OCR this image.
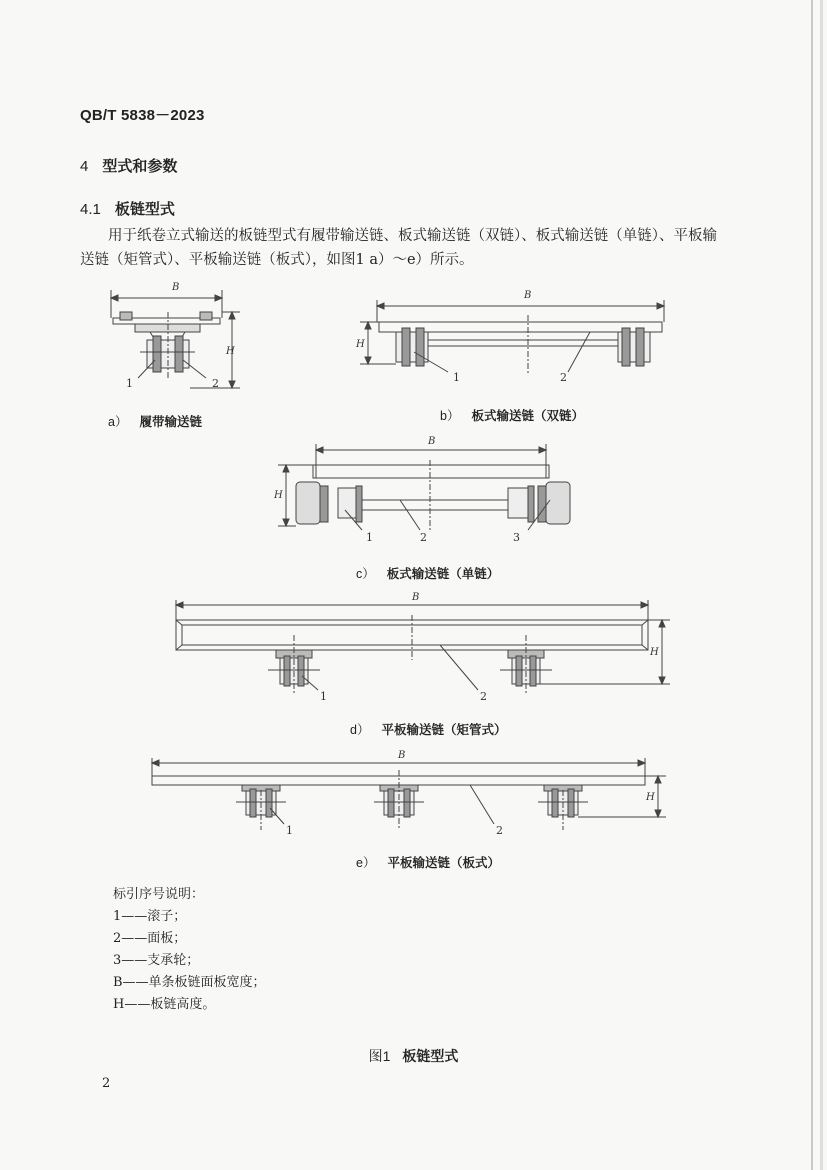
QB/T 5838－2023
4 型式和参数
4.1 板链型式
用于纸卷立式输送的板链型式有履带输送链、板式输送链（双链）、板式输送链（单链）、平板输
送链（矩管式）、平板输送链（板式），如图1 a）～e）所示。
B
H
1	2
B
H
1	2
B
H
1	2	3
B
H
1	2
B
H
1	2
a） 履带输送链	b） 板式输送链（双链）
c） 板式输送链（单链）
d） 平板输送链（矩管式）
e） 平板输送链（板式）
标引序号说明：
1——滚子；
2——面板；
3——支承轮；
B——单条板链面板宽度；
H——板链高度。
图1 板链型式
2
